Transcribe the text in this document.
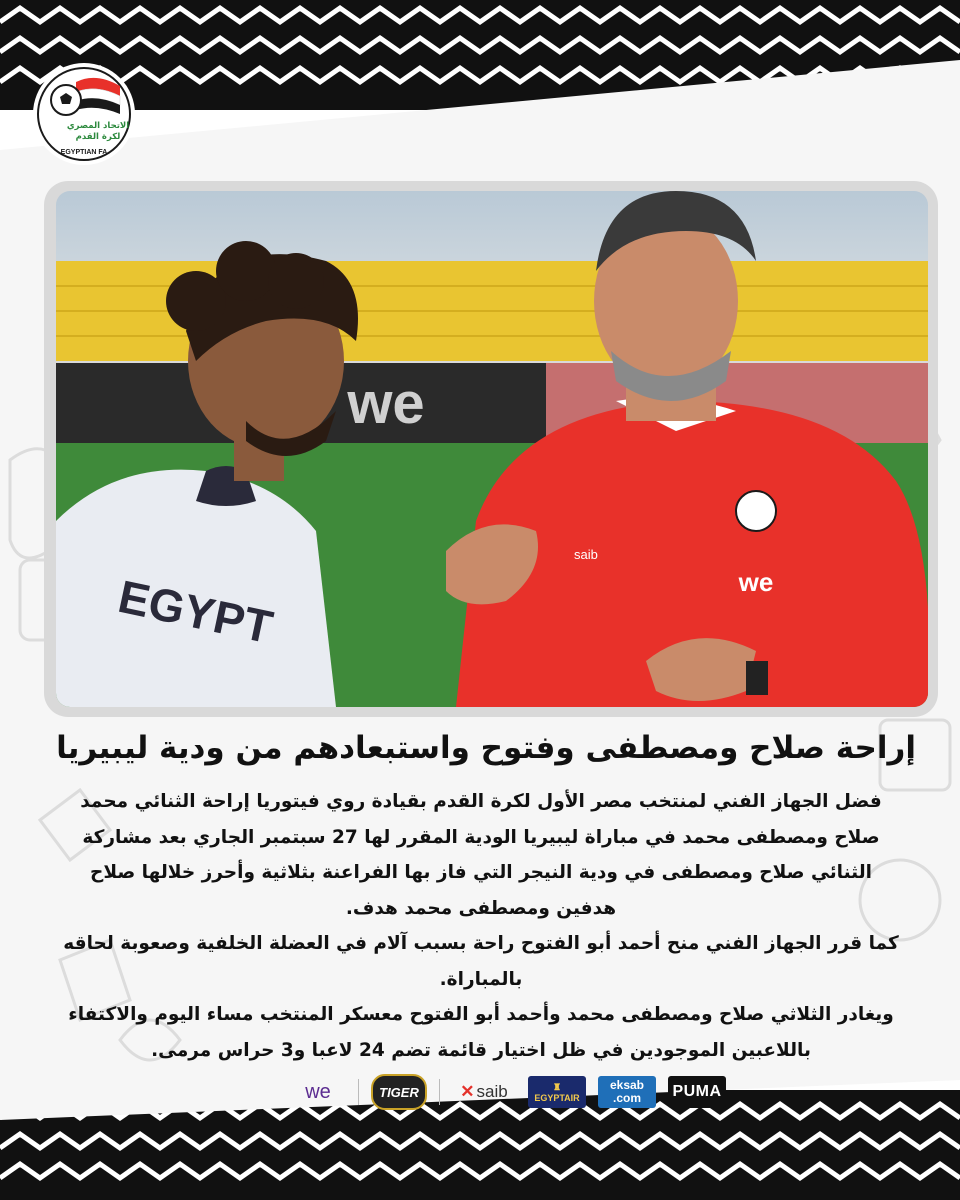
الاتحاد المصري
لكرة القدم
EGYPTIAN FA
we
EGYPT	we
saib
إراحة صلاح ومصطفى وفتوح واستبعادهم من ودية ليبيريا

فضل الجهاز الفني لمنتخب مصر الأول لكرة القدم بقيادة روي فيتوريا إراحة الثنائي محمد صلاح ومصطفى محمد في مباراة ليبيريا الودية المقرر لها 27 سبتمبر الجاري بعد مشاركة الثنائي صلاح ومصطفى في ودية النيجر التي فاز بها الفراعنة بثلاثية وأحرز خلالها صلاح هدفين ومصطفى محمد هدف.

كما قرر الجهاز الفني منح أحمد أبو الفتوح راحة بسبب آلام في العضلة الخلفية وصعوبة لحاقه بالمباراة.

ويغادر الثلاثي صلاح ومصطفى محمد وأحمد أبو الفتوح معسكر المنتخب مساء اليوم والاكتفاء باللاعبين الموجودين في ظل اختيار قائمة تضم 24 لاعبا و3 حراس مرمى.

we	TIGER ✕ saib	♜
EGYPTAIR
eksab
.com PUMA
